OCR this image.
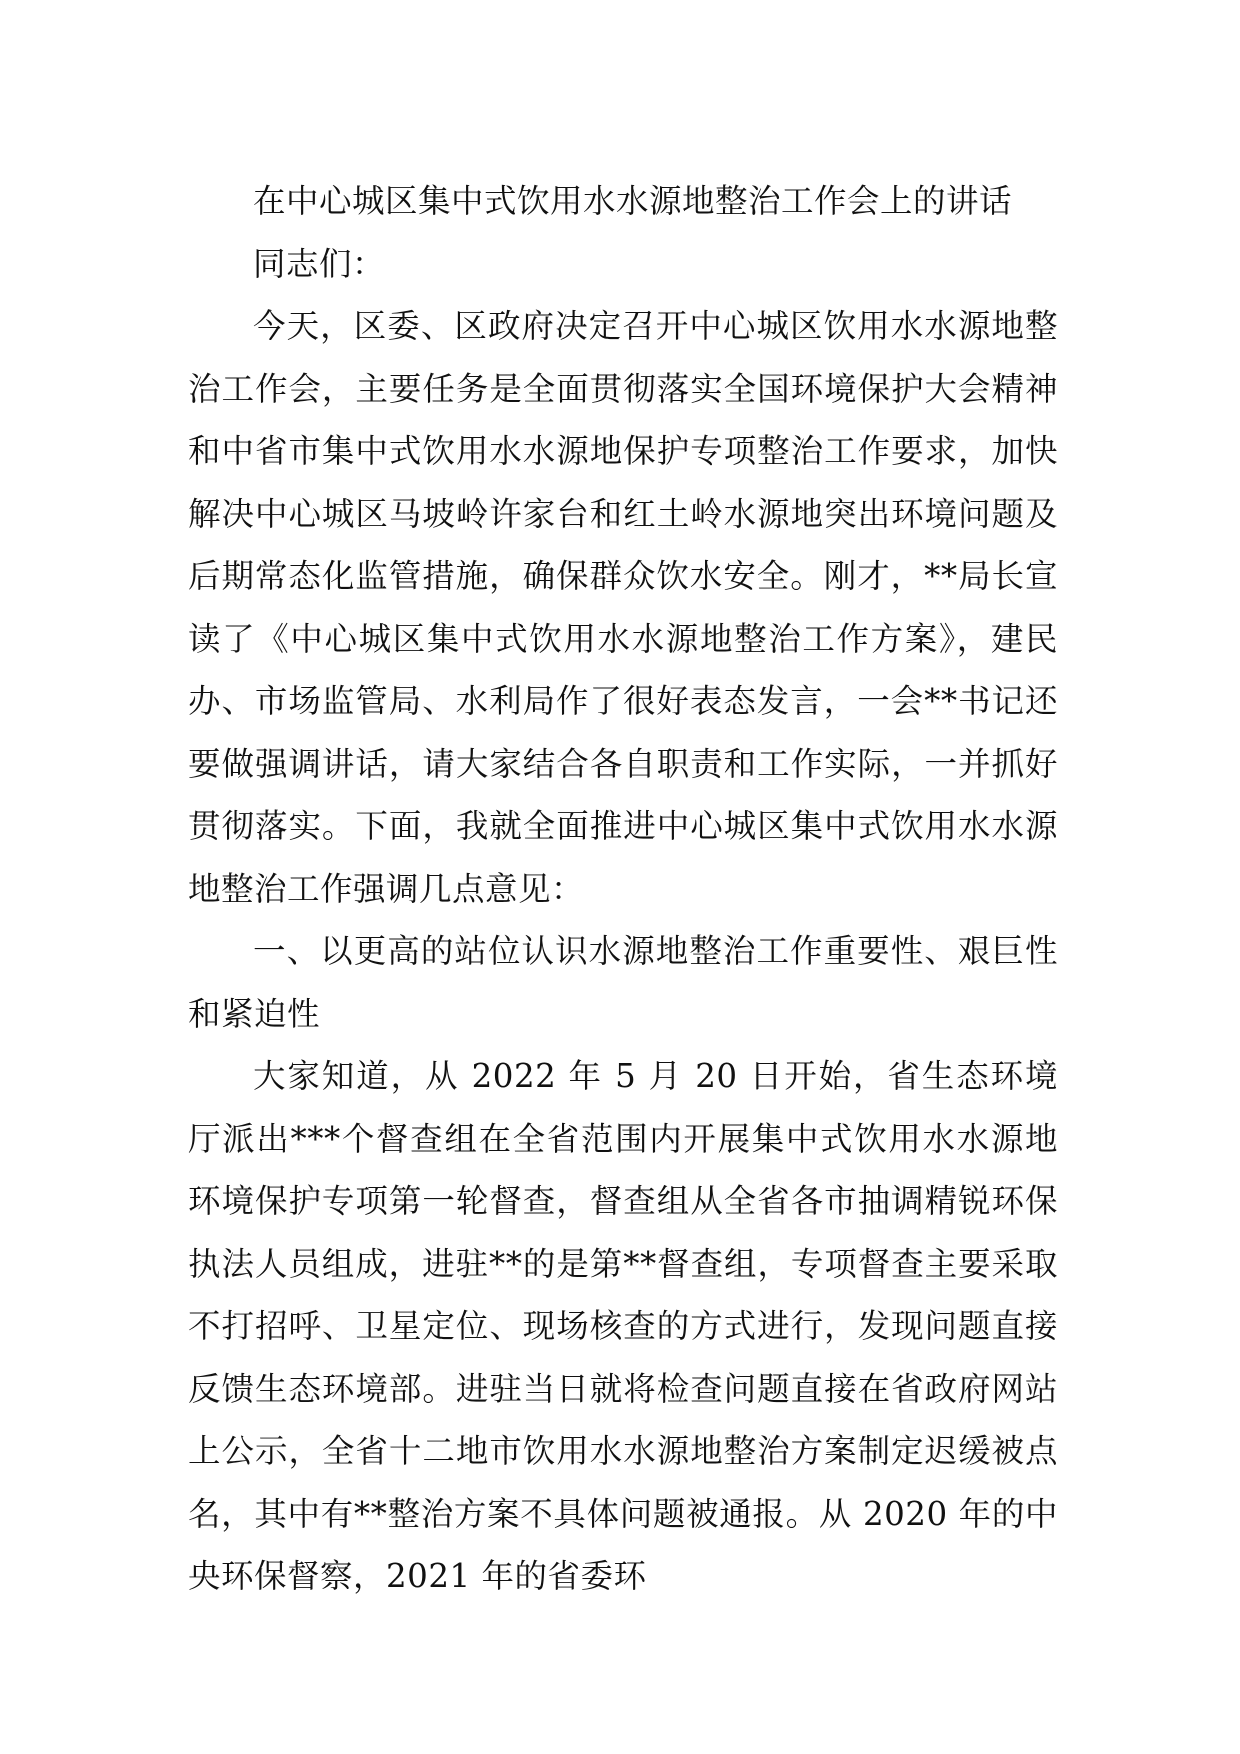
在中心城区集中式饮用水水源地整治工作会上的讲话

同志们：

今天，区委、区政府决定召开中心城区饮用水水源地整治工作会，主要任务是全面贯彻落实全国环境保护大会精神和中省市集中式饮用水水源地保护专项整治工作要求，加快解决中心城区马坡岭许家台和红土岭水源地突出环境问题及后期常态化监管措施，确保群众饮水安全。刚才，**局长宣读了《中心城区集中式饮用水水源地整治工作方案》，建民办、市场监管局、水利局作了很好表态发言，一会**书记还要做强调讲话，请大家结合各自职责和工作实际，一并抓好贯彻落实。下面，我就全面推进中心城区集中式饮用水水源地整治工作强调几点意见：

一、以更高的站位认识水源地整治工作重要性、艰巨性和紧迫性

大家知道，从 2022 年 5 月 20 日开始，省生态环境厅派出***个督查组在全省范围内开展集中式饮用水水源地环境保护专项第一轮督查，督查组从全省各市抽调精锐环保执法人员组成，进驻**的是第**督查组，专项督查主要采取不打招呼、卫星定位、现场核查的方式进行，发现问题直接反馈生态环境部。进驻当日就将检查问题直接在省政府网站上公示，全省十二地市饮用水水源地整治方案制定迟缓被点名，其中有**整治方案不具体问题被通报。从 2020 年的中央环保督察，2021 年的省委环
